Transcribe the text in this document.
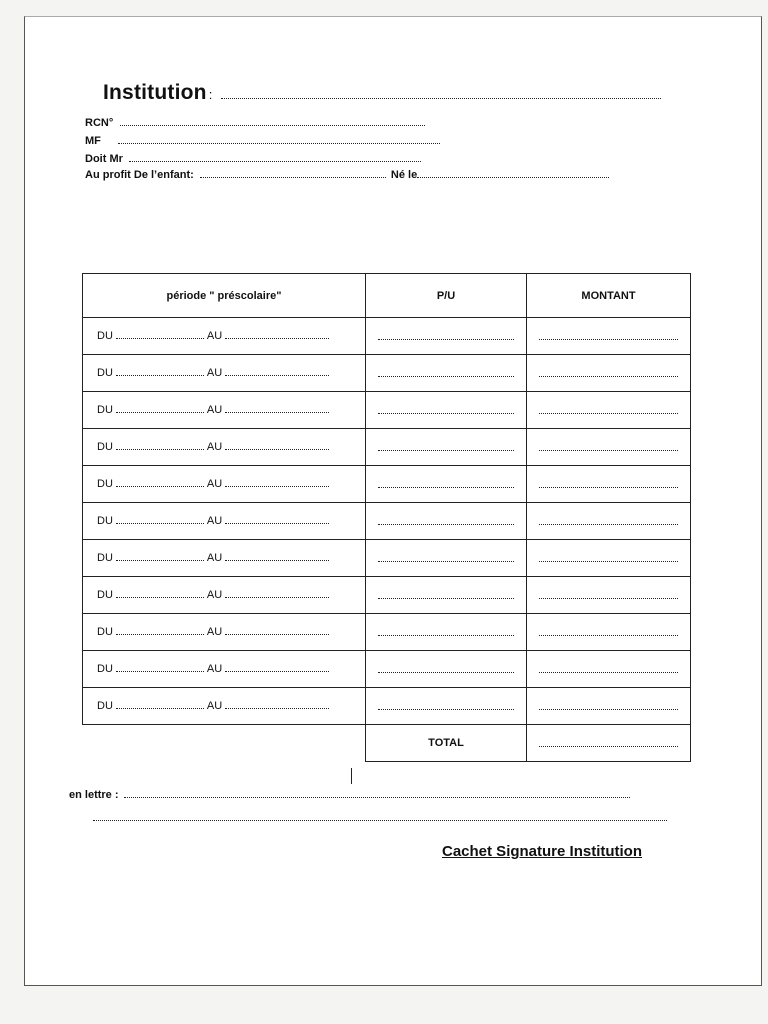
Institution :
RCN°
MF
Doit Mr
Au profit De l’enfant:	Né le
période " préscolaire"	P/U	MONTANT
DU AU	

DU AU	

DU AU	

DU AU	

DU AU	

DU AU	

DU AU	

DU AU	

DU AU	

DU AU	

DU AU	

	TOTAL	
en lettre :
Cachet Signature Institution
